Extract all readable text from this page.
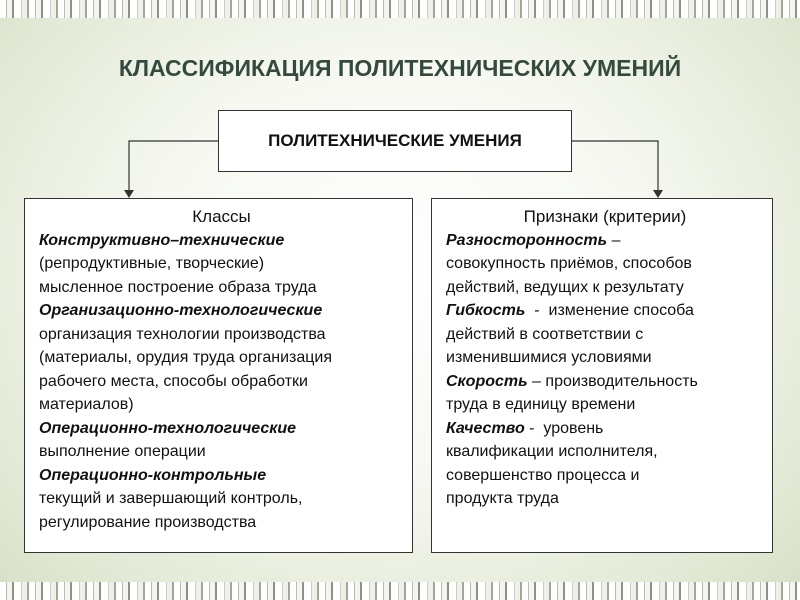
КЛАССИФИКАЦИЯ ПОЛИТЕХНИЧЕСКИХ УМЕНИЙ
ПОЛИТЕХНИЧЕСКИЕ УМЕНИЯ
Классы
Конструктивно–технические
(репродуктивные, творческие)
мысленное построение образа труда
Организационно-технологические
организация технологии производства
(материалы, орудия труда организация
рабочего места, способы обработки
материалов)
Операционно-технологические
выполнение операции
Операционно-контрольные
текущий и завершающий контроль,
регулирование производства
Признаки (критерии)
Разносторонность –
совокупность приёмов, способов
действий, ведущих к результату
Гибкость  -  изменение способа
действий в соответствии с
изменившимися условиями
Скорость – производительность
труда в единицу времени
Качество -  уровень
квалификации исполнителя,
совершенство процесса и
продукта труда
